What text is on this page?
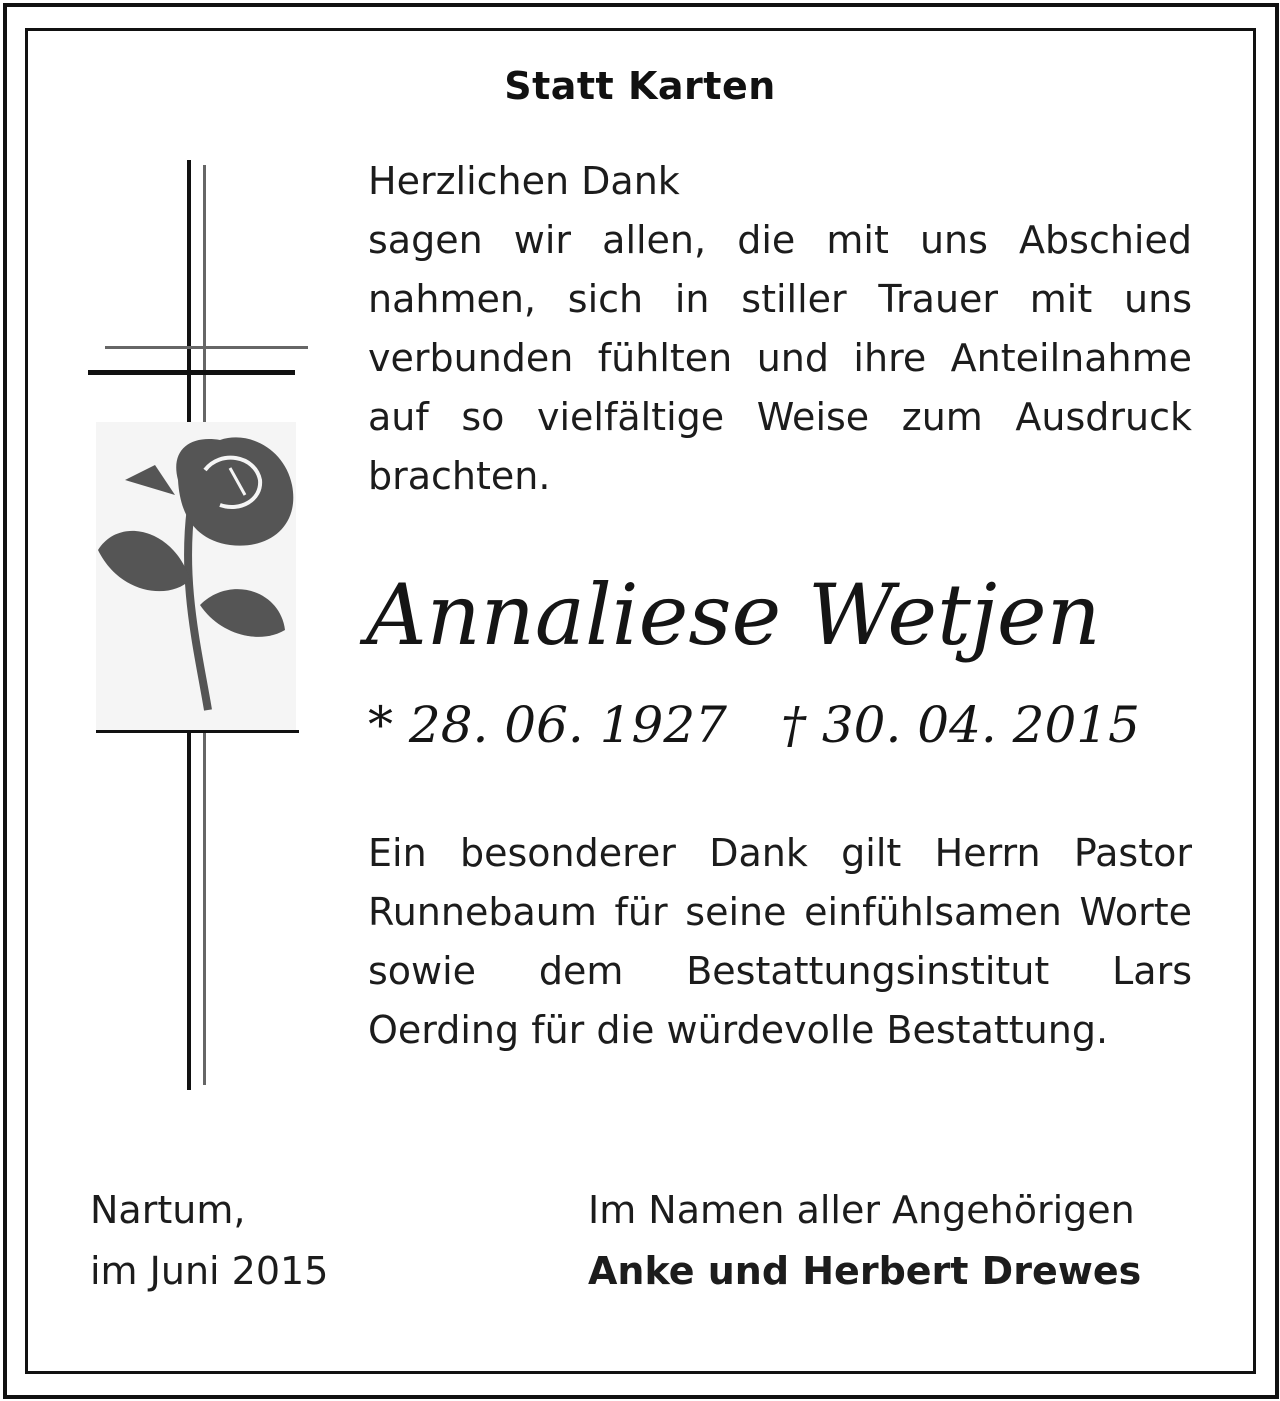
Statt Karten
Herzlichen Dank
sagen wir allen, die mit uns Abschied nahmen, sich in stiller Trauer mit uns verbunden fühlten und ihre Anteilnahme auf so vielfältige Weise zum Ausdruck brachten.
Annaliese Wetjen
* 28. 06. 1927 † 30. 04. 2015
Ein besonderer Dank gilt Herrn Pastor Runnebaum für seine einfühlsamen Worte sowie dem Bestattungsinstitut Lars Oerding für die würdevolle Bestattung.
Nartum,
im Juni 2015
Im Namen aller Angehörigen
Anke und Herbert Drewes
